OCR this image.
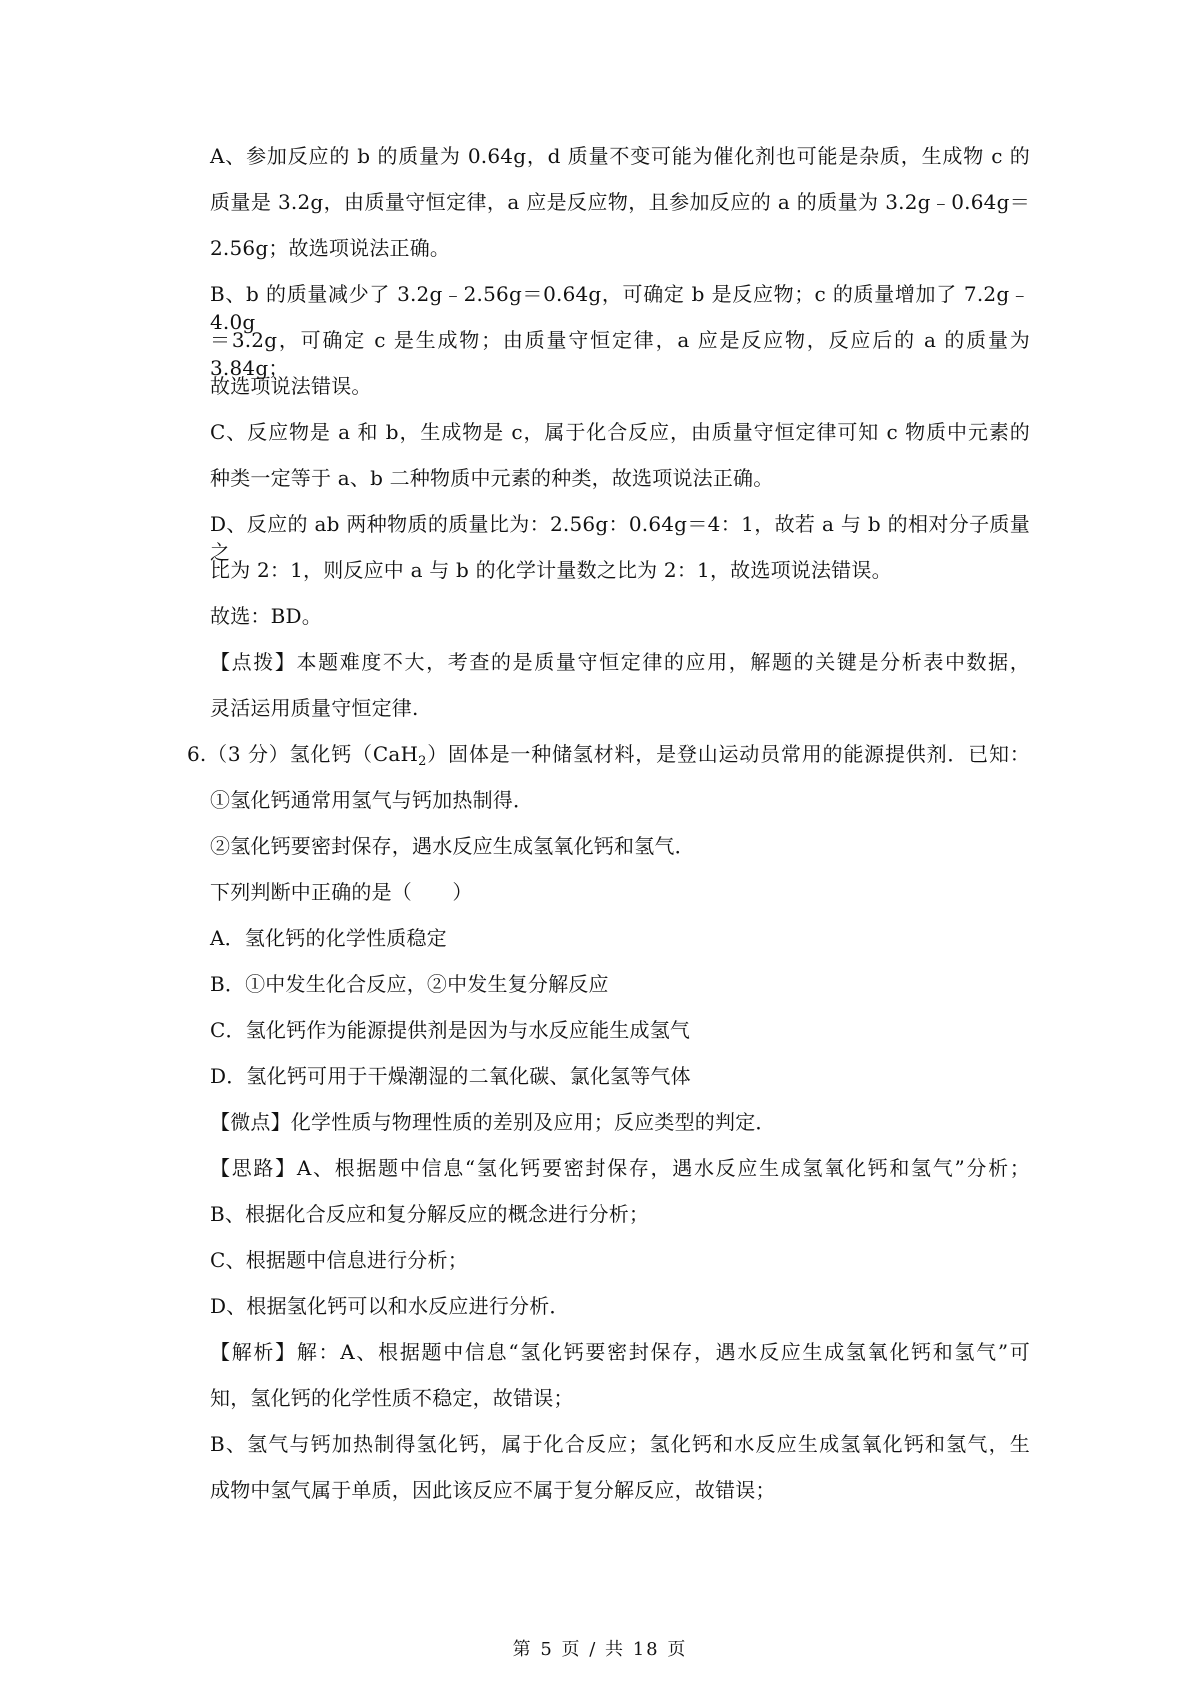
A、参加反应的 b 的质量为 0.64g，d 质量不变可能为催化剂也可能是杂质，生成物 c 的
质量是 3.2g，由质量守恒定律，a 应是反应物，且参加反应的 a 的质量为 3.2g﹣0.64g＝
2.56g；故选项说法正确。
B、b 的质量减少了 3.2g﹣2.56g＝0.64g，可确定 b 是反应物；c 的质量增加了 7.2g﹣4.0g
＝3.2g，可确定 c 是生成物；由质量守恒定律，a 应是反应物，反应后的 a 的质量为 3.84g；
故选项说法错误。
C、反应物是 a 和 b，生成物是 c，属于化合反应，由质量守恒定律可知 c 物质中元素的
种类一定等于 a、b 二种物质中元素的种类，故选项说法正确。
D、反应的 ab 两种物质的质量比为：2.56g：0.64g＝4：1，故若 a 与 b 的相对分子质量之
比为 2：1，则反应中 a 与 b 的化学计量数之比为 2：1，故选项说法错误。
故选：BD。
【点拨】本题难度不大，考查的是质量守恒定律的应用，解题的关键是分析表中数据，
灵活运用质量守恒定律.
6.（3 分）氢化钙（CaH$_2$）固体是一种储氢材料，是登山运动员常用的能源提供剂．已知：
①氢化钙通常用氢气与钙加热制得．
②氢化钙要密封保存，遇水反应生成氢氧化钙和氢气．
下列判断中正确的是（　　）
A．氢化钙的化学性质稳定
B．①中发生化合反应，②中发生复分解反应
C．氢化钙作为能源提供剂是因为与水反应能生成氢气
D．氢化钙可用于干燥潮湿的二氧化碳、氯化氢等气体
【微点】化学性质与物理性质的差别及应用；反应类型的判定．
【思路】A、根据题中信息“氢化钙要密封保存，遇水反应生成氢氧化钙和氢气”分析；
B、根据化合反应和复分解反应的概念进行分析；
C、根据题中信息进行分析；
D、根据氢化钙可以和水反应进行分析．
【解析】解：A、根据题中信息“氢化钙要密封保存，遇水反应生成氢氧化钙和氢气”可
知，氢化钙的化学性质不稳定，故错误；
B、氢气与钙加热制得氢化钙，属于化合反应；氢化钙和水反应生成氢氧化钙和氢气，生
成物中氢气属于单质，因此该反应不属于复分解反应，故错误；
第 5 页 / 共 18 页
